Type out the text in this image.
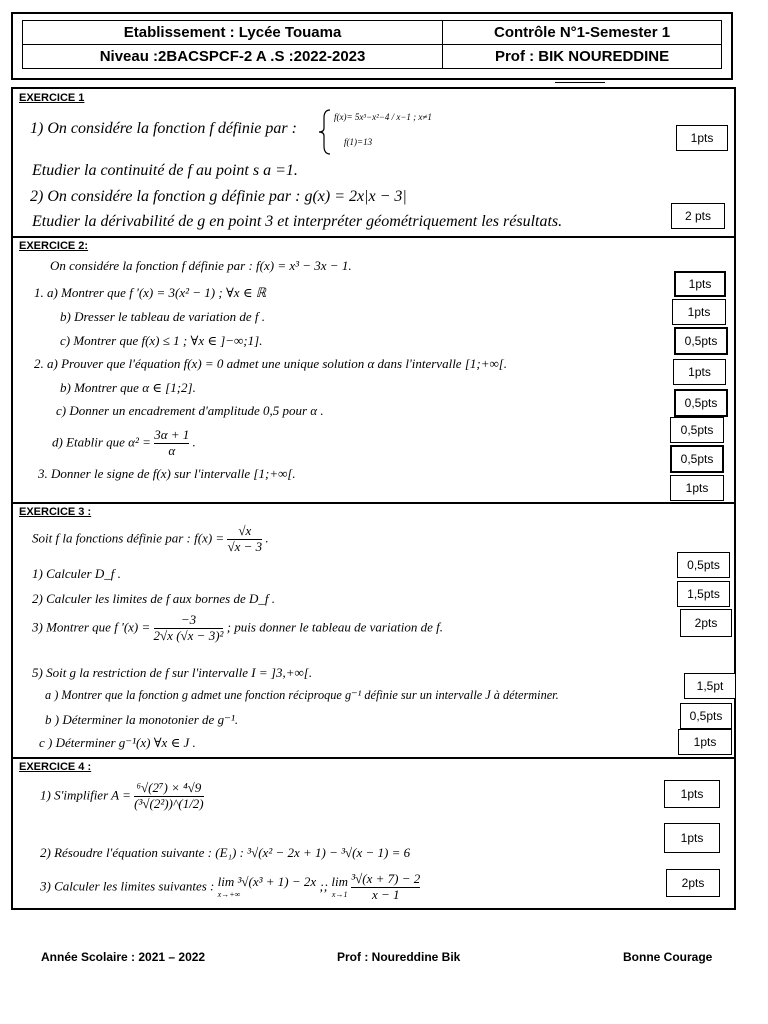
Etablissement : Lycée Touama	Contrôle N°1-Semester 1
Niveau :2BACSPCF-2 A .S :2022-2023	Prof : BIK NOUREDDINE
EXERCICE 1
1) On considére la fonction f définie par :
f(x)= 5x³−x²−4 / x−1 ; x≠1
f(1)=13
Etudier la continuité de f au point s a =1.
2) On considére la fonction g définie par : g(x) = 2x|x − 3|
Etudier la dérivabilité de g en point 3 et interpréter géométriquement les résultats.
1pts
2 pts
EXERCICE 2:
On considére la fonction f définie par : f(x) = x³ − 3x − 1.
1. a) Montrer que f '(x) = 3(x² − 1) ; ∀x ∈ ℝ
b) Dresser le tableau de variation de f .
c) Montrer que f(x) ≤ 1 ; ∀x ∈ ]−∞;1].
2. a) Prouver que l'équation f(x) = 0 admet une unique solution α dans l'intervalle [1;+∞[.
b) Montrer que α ∈ [1;2].
c) Donner un encadrement d'amplitude 0,5 pour α .
d) Etablir que $\alpha^2 = \frac{3\alpha + 1}{\alpha}$ .
3. Donner le signe de f(x) sur l'intervalle [1;+∞[.
1pts
1pts
0,5pts
1pts
0,5pts
0,5pts
0,5pts
1pts
EXERCICE 3 :
Soit f la fonctions définie par : $f(x) = \frac{√x}{√x - 3}$ .
1) Calculer D_f .
2) Calculer les limites de f aux bornes de D_f .
3) Montrer que f '$(x) = \frac{-3}{\text{2√x (√x − 3)²}}$ ; puis donner le tableau de variation de f.
5) Soit g la restriction de f sur l'intervalle I = ]3,+∞[.
a ) Montrer que la fonction g admet une fonction réciproque g⁻¹ définie sur un intervalle J à déterminer.
b ) Déterminer la monotonier de g⁻¹.
c ) Déterminer g⁻¹(x) ∀x ∈ J .
0,5pts
1,5pts
2pts
1,5pt
0,5pts
1pts
EXERCICE 4 :
1) S'implifier $A = \frac{\text{⁶√(2⁷) × ⁴√9}}{\text{(³√(2²))\textasciicircum{}(1/2)}}$
2) Résoudre l'équation suivante : (E₁) : ³√(x² − 2x + 1) − ³√(x − 1) = 6
3) Calculer les limites suivantes : lim ³√(x³ + 1) − 2x
x→+∞
;; lim
x→1
$\frac{\text{³√(x + 7) − 2}}{x - 1}$
1pts
1pts
2pts
Année Scolaire : 2021 – 2022	Prof : Noureddine Bik	Bonne Courage
